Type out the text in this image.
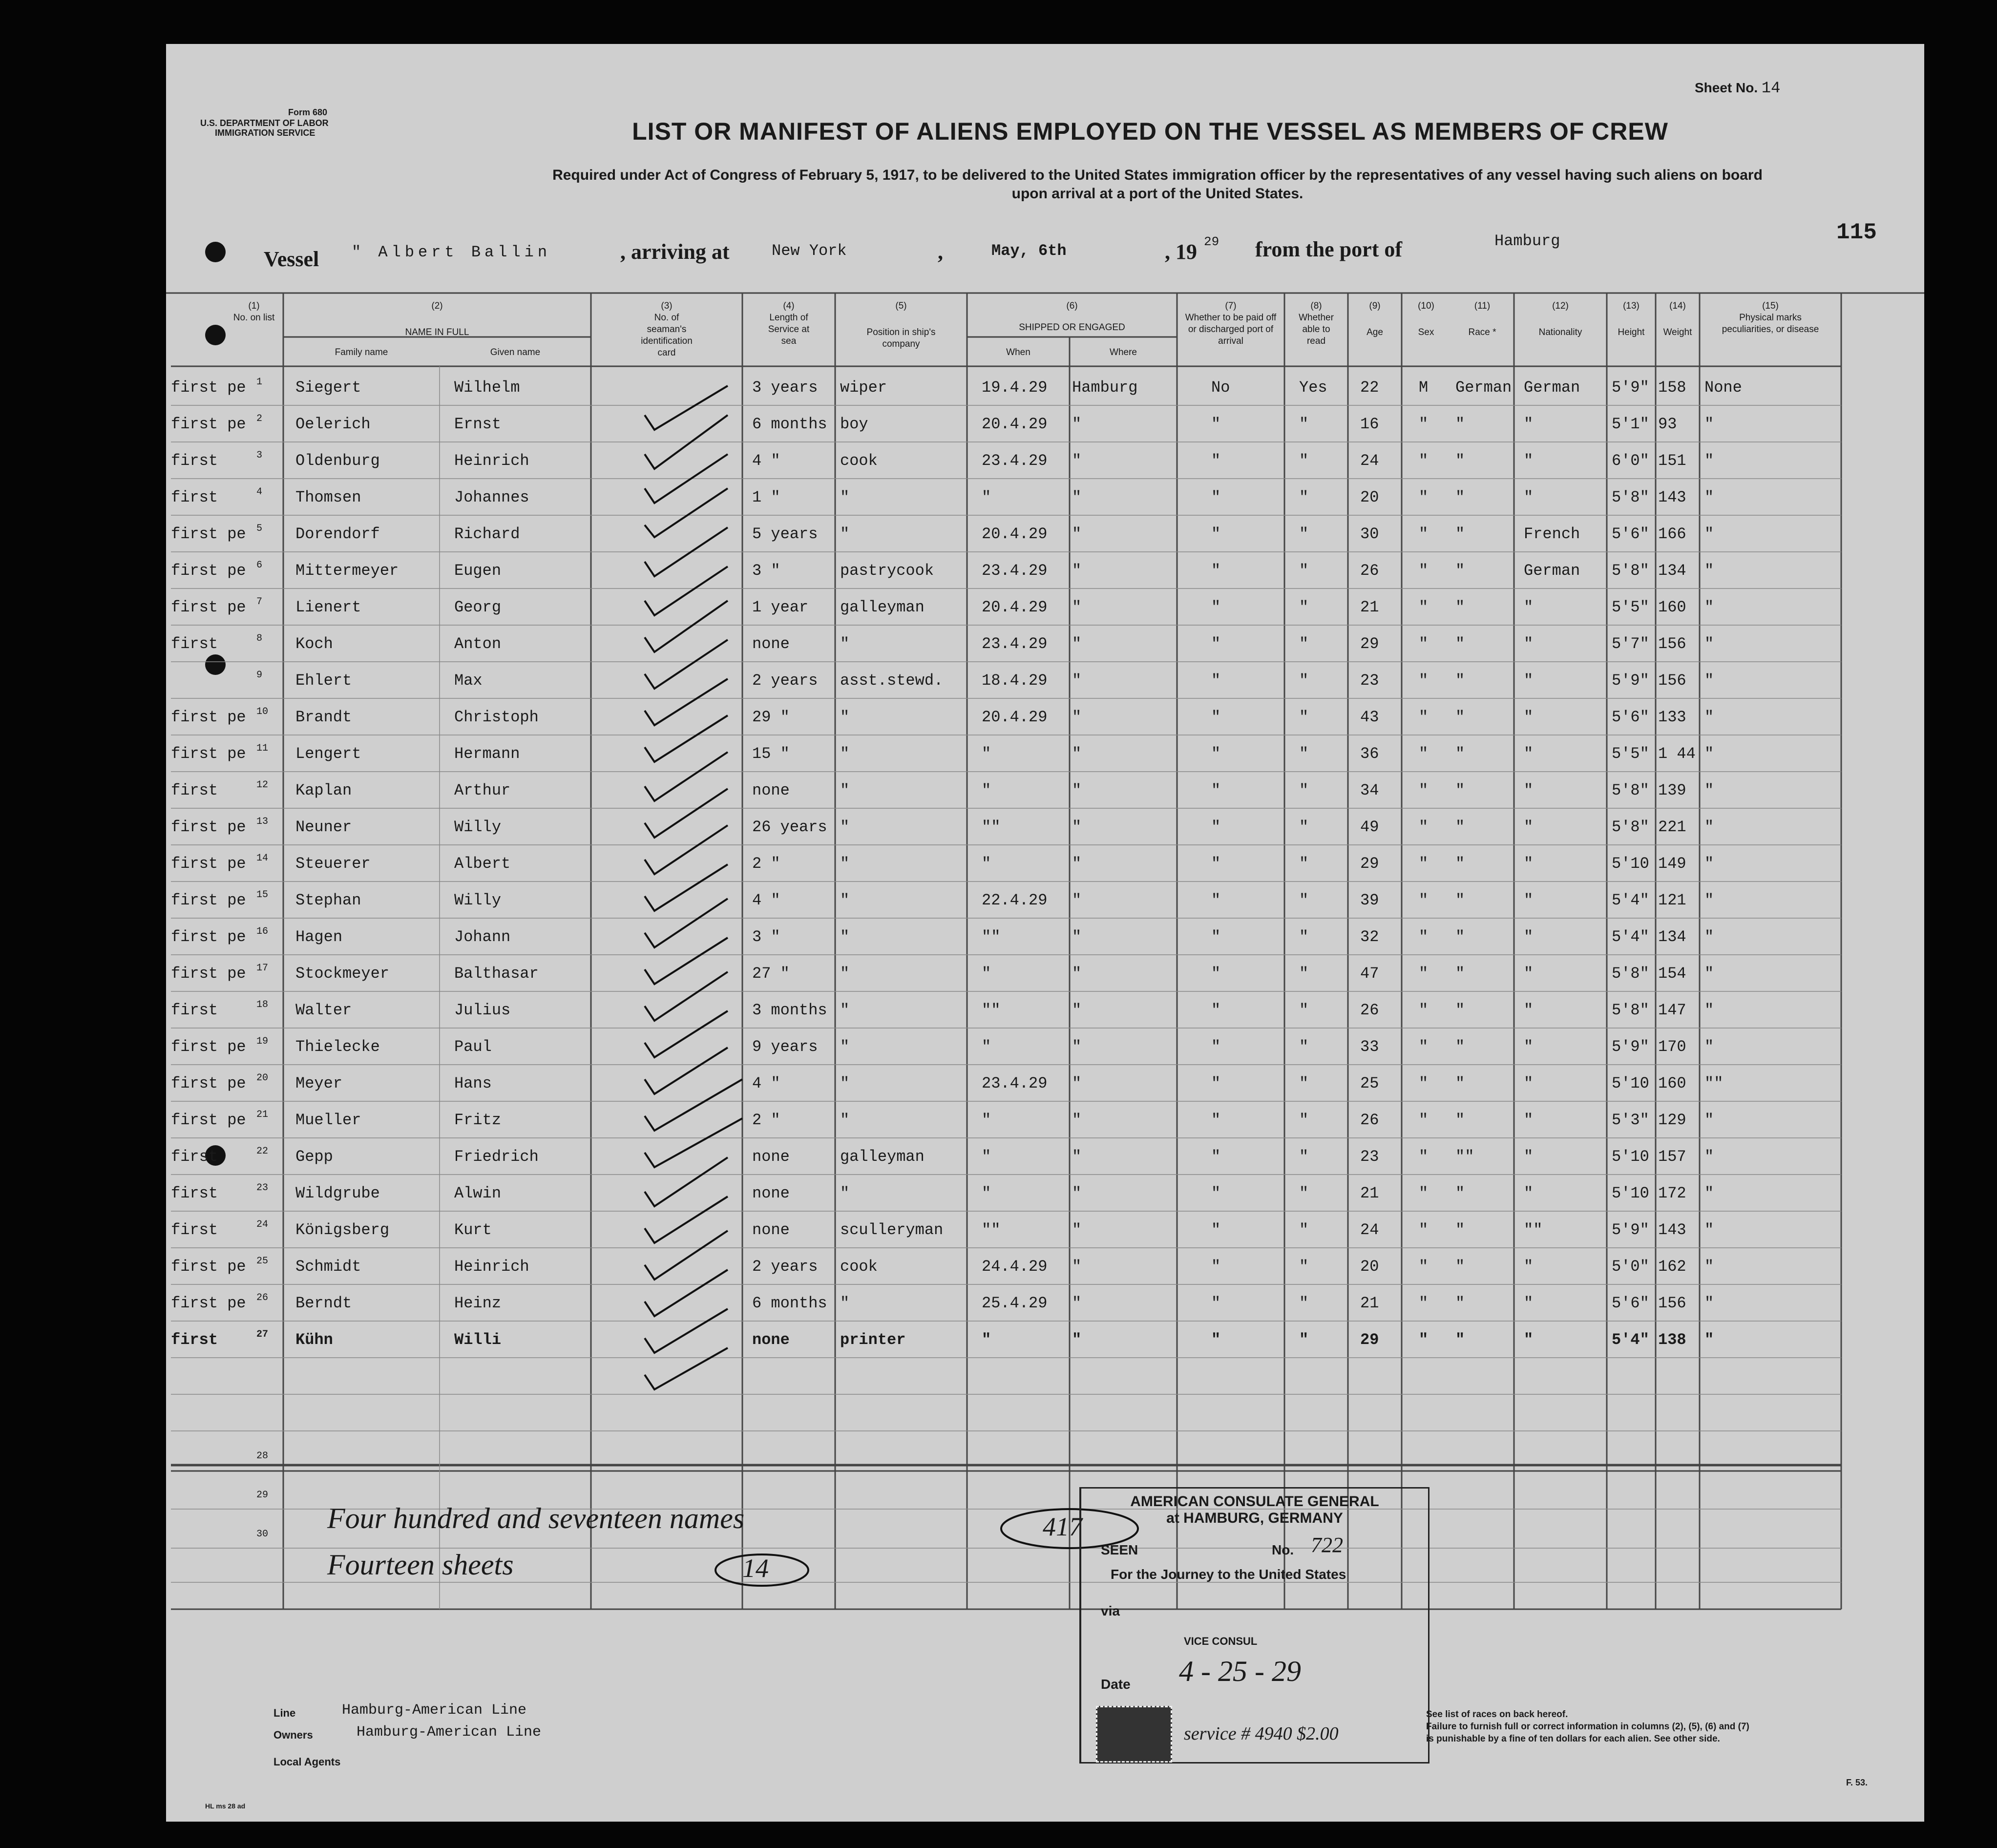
Form 680
U.S. DEPARTMENT OF LABOR
IMMIGRATION SERVICE
Sheet No. 14
LIST OR MANIFEST OF ALIENS EMPLOYED ON THE VESSEL AS MEMBERS OF CREW
Required under Act of Congress of February 5, 1917, to be delivered to the United States immigration officer by the representatives of any vessel having such aliens on board
upon arrival at a port of the United States.
115
Vessel " Albert Ballin	, arriving at	New York	,	May, 6th	, 19 29 from the port of	Hamburg
(1)
No. on list
(2)
NAME IN FULL
Family name	Given name
(3)
No. of seaman's identification card
(4)
Length of Service at sea
(5)
Position in ship's company
(6)
SHIPPED OR ENGAGED
When	Where
(7)
Whether to be paid off or discharged port of arrival
(8)
Whether able to read
(9)
Age
(10)
Sex
(11)
Race *
(12)
Nationality
(13)
Height
(14)
Weight
(15)
Physical marks peculiarities, or disease
first pe 1 Siegert	Wilhelm	3 years wiper	19.4.29 Hamburg	No	Yes 22	M German German 5'9" 158 None
first pe 2 Oelerich	Ernst	6 months boy	20.4.29 "	"	"	16	" "	"	5'1" 93 "
first	3 Oldenburg	Heinrich	4 "	cook	23.4.29 "	"	"	24	" "	"	6'0" 151 "
first	4 Thomsen	Johannes	1 "	"	"	"	"	"	20	" "	"	5'8" 143 "
first pe 5 Dorendorf	Richard	5 years "	20.4.29 "	"	"	30	" "	French 5'6" 166 "
first pe 6 Mittermeyer	Eugen	3 "	pastrycook	23.4.29 "	"	"	26	" "	German 5'8" 134 "
first pe 7 Lienert	Georg	1 year galleyman	20.4.29 "	"	"	21	" "	"	5'5" 160 "
first	8 Koch	Anton	none	"	23.4.29 "	"	"	29	" "	"	5'7" 156 "
9 Ehlert	Max	2 years asst.stewd. 18.4.29 "	"	"	23	" "	"	5'9" 156 "
first pe 10 Brandt	Christoph	29 "	"	20.4.29 "	"	"	43	" "	"	5'6" 133 "
first pe 11 Lengert	Hermann	15 "	"	"	"	"	"	36	" "	"	5'5" 1 44 "
first	12 Kaplan	Arthur	none	"	"	"	"	"	34	" "	"	5'8" 139 "
first pe 13 Neuner	Willy	26 years "	""	"	"	"	49	" "	"	5'8" 221 "
first pe 14 Steuerer	Albert	2 "	"	"	"	"	"	29	" "	"	5'10 149 "
first pe 15 Stephan	Willy	4 "	"	22.4.29 "	"	"	39	" "	"	5'4" 121 "
first pe 16 Hagen	Johann	3 "	"	""	"	"	"	32	" "	"	5'4" 134 "
first pe 17 Stockmeyer	Balthasar	27 "	"	"	"	"	"	47	" "	"	5'8" 154 "
first	18 Walter	Julius	3 months "	""	"	"	"	26	" "	"	5'8" 147 "
first pe 19 Thielecke	Paul	9 years "	"	"	"	"	33	" "	"	5'9" 170 "
first pe 20 Meyer	Hans	4 "	"	23.4.29 "	"	"	25	" "	"	5'10 160 ""
first pe 21 Mueller	Fritz	2 "	"	"	"	"	"	26	" "	"	5'3" 129 "
first	22 Gepp	Friedrich	none	galleyman	"	"	"	"	23	" ""	"	5'10 157 "
first	23 Wildgrube	Alwin	none	"	"	"	"	"	21	" "	"	5'10 172 "
first	24 Königsberg	Kurt	none	sculleryman ""	"	"	"	24	" "	""	5'9" 143 "
first pe 25 Schmidt	Heinrich	2 years cook	24.4.29 "	"	"	20	" "	"	5'0" 162 "
first pe 26 Berndt	Heinz	6 months "	25.4.29 "	"	"	21	" "	"	5'6" 156 "
first	27 Kühn	Willi	none	printer	"	"	"	"	29	" "	"	5'4" 138 "
28
29
30 Four hundred and seventeen names	417
Fourteen sheets	14
AMERICAN CONSULATE GENERAL
at HAMBURG, GERMANY
SEEN	No. 722
For the Journey to the United States
via
VICE CONSUL
Date 4 - 25 - 29
service # 4940 $2.00
Line	Hamburg-American Line
Owners	Hamburg-American Line
Local Agents
See list of races on back hereof.
Failure to furnish full or correct information in columns (2), (5), (6) and (7)
is punishable by a fine of ten dollars for each alien. See other side.
F. 53.
HL ms 28 ad
